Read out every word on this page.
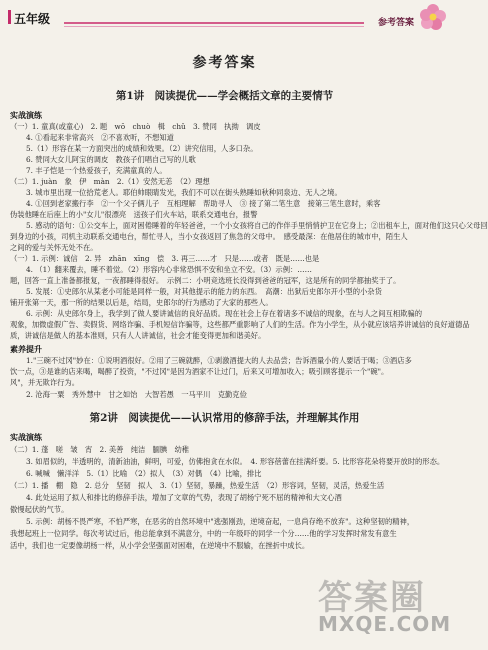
五年级	参考答案
参考答案
第1讲　阅读提优——学会概括文章的主要情节
实战演练
（一）1. 童真(或童心)　2. 题　wō　chuò　楫　chǔ　3. 赞同　执拗　调皮
4. ①看起来非常高兴　②不喜欢听，不想知道
5.（1）形容在某一方面突出的成绩和效果。（2）讲究信用，人多口杂。
6. 赞同大女儿阿宝的调皮　教孩子们唱自己写的儿歌
7. 丰子恺是一个热爱孩子，充满童真的人。
（二）1. juàn　象　伊　màn　2.（1）安然无恙　（2）理想
3. 城市里出现一位拾荒老人。耶伯帅眼睛发光，我们不可以在街头熟睡如秋种同泉边、无人之境。
4. ①回到老家搬行李　②一个父子俩儿子　互相理解　帮助寻人　③ 接了第二笔生意　接第三笔生意时，乘客
伪装他睡在后座上的小"女儿"很漂亮　送孩子们火车站，联系交通电台，报警
5. 感动的语句：①公交车上，面对困倦睡着的年轻爸爸，一个小女孩将自己的作伴手里悄悄护卫在它身上；②出租车上，面对他们这只心父母回
到身边的小孩，司机主动联系交通电台，帮忙寻人，当小女孩返回了焦急的父母中。　感受最深：在他居住的城市中，陌生人
之间的爱与关怀无处不在。
（一）1. 示例：诚信　2. 异　zhān　xīng　偿　3. 再三……才　只是……或者　既是……也是
4. （1）翻来覆去，睡不着觉。（2）形容内心非常恐惧不安和坐立不安。（3）示例：……
题，回答一直上准备都报复，一夜都睡得很好。　示例二：小明竞选班长没得到爸爸的冠军，这是所有的同学都抽奖于了。
5. 发展：①史郎尔从某老小可能是同样一般，对其他提示的能力的东西。　高潮：出狱后史郎尔开小型的小杂货
铺开张第一天，那一所的结果以后是，结局，史郎尔的行为感动了大家的那些人。
6. 示例：从史郎尔身上，我学到了做人要讲诚信的良好品质。现在社会上存在着诸多不诚信的现象，在与人之间互相欺骗的
观象，加微虚假广告、卖假货、网络诈骗、手机短信诈骗等，这些都严重影响了人们的生活。作为小学生，从小就应该培养讲诚信的良好道德品
质，讲诚信是做人的基本准则，只有人人讲诚信，社会才能变得更加和谐美好。
素养提升
1."三碗不过冈"妙在：①说明酒很好。②用了三碗就醉，①剥激酒提大的人去品尝；告诉酒量小的人要话于喝；③酒店多
饮一点，③是谁的店来喝，喝醉了投资，"不过冈"是因为酒家不让过门，后来又可增加收入；吸引顾客提示一个"碗"。
风"，并无欺诈行为。
2. 沧海一粟　秀外慧中　甘之如饴　大智若愚　一马平川　克勤克俭
第2讲　阅读提优——认识常用的修辞手法，并理解其作用
实战演练
（二）1. 蓬　嗟　皱　宵　2. 美善　纯洁　腼腆　幼稚
3. 如眉似的，半透明的，清新油油，鲜明，可爱，仿佛抱贪在水似。　4. 形容蓓蕾在挂满纤要。5. 比形容花朵将要开放时的形态。
6. 喊喊　懒洋洋　5.（1）比喻　（2）拟人　（3）对偶　（4）比喻，排比
（二）1. 播　棚　隐　2. 总分　坚韧　拟人　3.（1）坚韧，暴躁，热爱生活　（2）形容词，坚韧，灵活，热爱生活
4. 此处运用了拟人和排比的修辞手法，增加了文章的气势，表现了胡杨宁死不屈的精神和大文心酒
傲慢起伏的气节。
5. 示例：胡杨不畏严寒，不怕严寒，在恶劣的自然环境中"逃强刚劲，逆境奋起，一息尚存绝不放弃"。这种坚韧的精神，
我想起班上一位同学。每次考试过后，他总能拿到不满意分，中的一年级吓的同学一个分……他的学习发挥时常发有意生
活中，我们也一定要像胡杨一样，从小学会坚强面对困难，在逆境中不服输，在挫折中成长。
答案圈
MXQE.COM
